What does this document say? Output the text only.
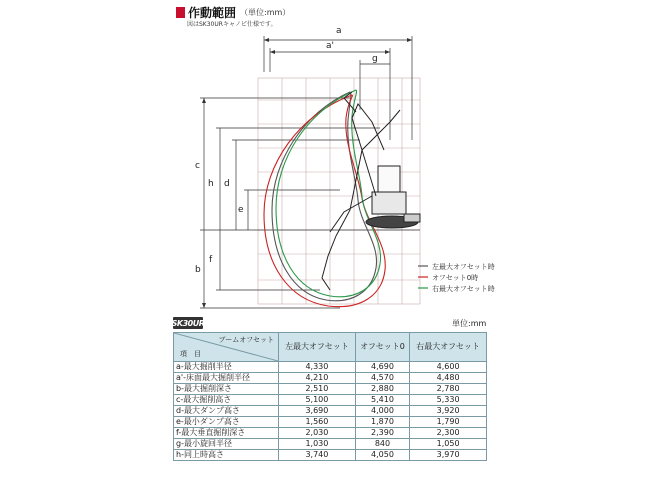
作動範囲 （単位:mm）
図はSK30URキャノピ仕様です。
a
a'
g
c
h d
e
b
f
左最大オフセット時
オフセット0時
右最大オフセット時
SK30UR	単位:mm
ブームオフセット
項　目	左最大オフセット	オフセット0	右最大オフセット
a-最大掘削半径	4,330	4,690	4,600
a'-床面最大掘削半径	4,210	4,570	4,480
b-最大掘削深さ	2,510	2,880	2,780
c-最大掘削高さ	5,100	5,410	5,330
d-最大ダンプ高さ	3,690	4,000	3,920
e-最小ダンプ高さ	1,560	1,870	1,790
f-最大垂直掘削深さ	2,030	2,390	2,300
g-最小旋回半径	1,030	840	1,050
h-同上時高さ	3,740	4,050	3,970
